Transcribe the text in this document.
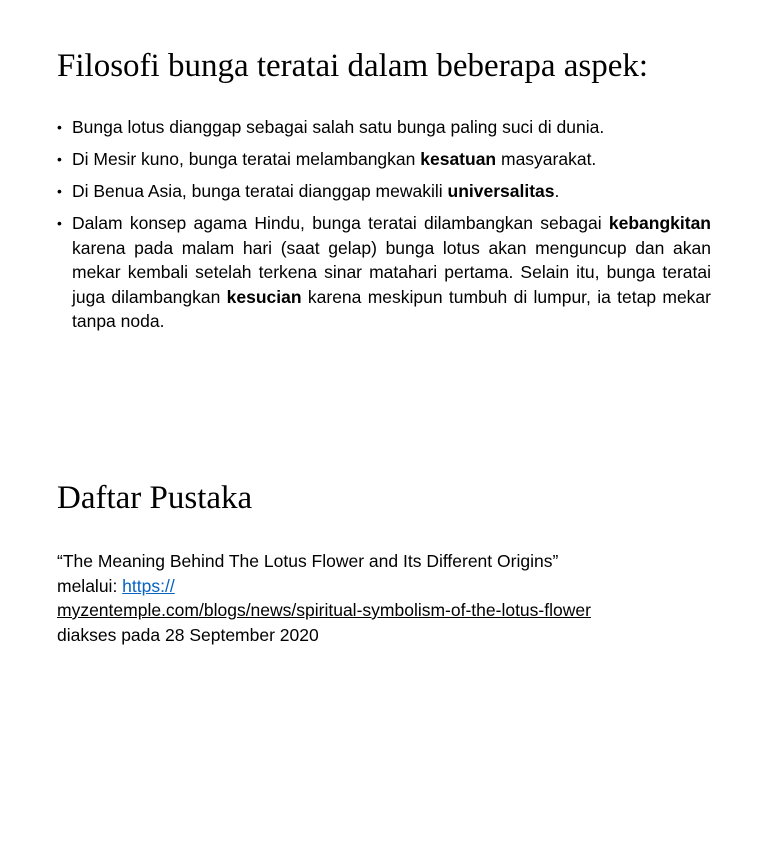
Filosofi bunga teratai dalam beberapa aspek:
• Bunga lotus dianggap sebagai salah satu bunga paling suci di dunia.
• Di Mesir kuno, bunga teratai melambangkan kesatuan masyarakat.
• Di Benua Asia, bunga teratai dianggap mewakili universalitas.
• Dalam konsep agama Hindu, bunga teratai dilambangkan sebagai kebangkitan karena pada malam hari (saat gelap) bunga lotus akan menguncup dan akan mekar kembali setelah terkena sinar matahari pertama. Selain itu, bunga teratai juga dilambangkan kesucian karena meskipun tumbuh di lumpur, ia tetap mekar tanpa noda.
Daftar Pustaka
“The Meaning Behind The Lotus Flower and Its Different Origins”
melalui: https://
myzentemple.com/blogs/news/spiritual-symbolism-of-the-lotus-flower
diakses pada 28 September 2020
